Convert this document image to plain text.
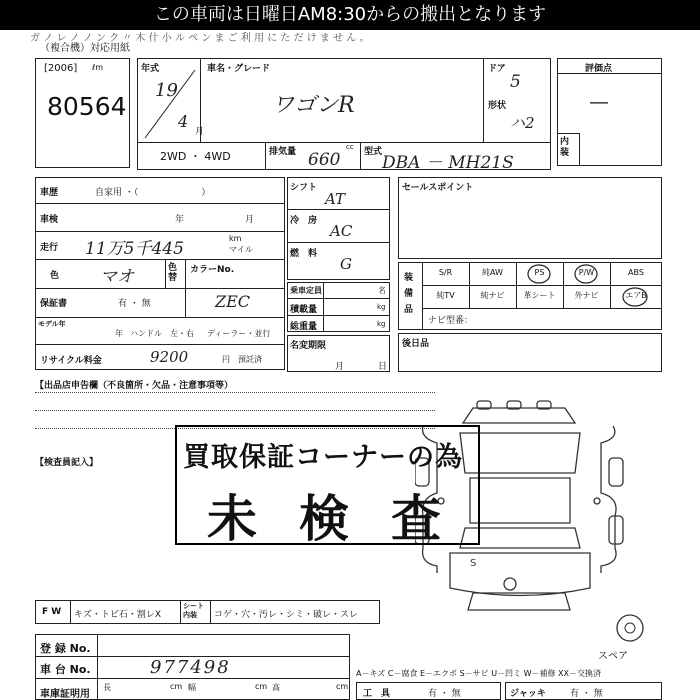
この車両は日曜日AM8:30からの搬出となります
ガ ノ レ ノ ノ ン ク 〃 木 什 小 ル ペ ン ま ご 利 用 に た だ け ま せ ん 。
（複合機）対応用紙
[2006] ℓm
80564
年式
19
4
月
車名・グレード
ワゴンR
ドア
5
形状
ハ2
2WD ・ 4WD	排気量	cc
660	型式
DBA － MH21S
評価点
―
内装
車歴	自家用 ・（　　　　　　　）
車検	年	月
走行 11万5千445
km
マイル
色 マオ	色替
カラーNo.
ZEC
保証書	有 ・ 無
モデル年
年 ハンドル　左・右 ディーラー・並行
リサイクル料金	9200	円　預託済
シフト
AT
冷　房
AC
燃　料
G
乗車定員	名
積載量	kg
総重量	kg
名変期限
月	日
セールスポイント
装備品
S/R	純AW	PS	P/W	ABS
純TV	純ナビ	革シート	外ナビ	エアB
ナビ型番：
後日品
【出品店申告欄（不良箇所・欠品・注意事項等）
【検査員記入】
S
買取保証コーナーの為
未検査
F W キズ・トビ石・割レX
シート内装	コゲ・穴・汚レ・シミ・破レ・スレ
スペア
登 録 No.
車 台 No.	977498
車庫証明用
長	cm 幅	cm 高	cm
A－キズ C－腐食 E－エクボ S－サビ U－凹ミ W－補修 XX－交換済
工　具	有 ・ 無	ジャッキ	有 ・ 無
